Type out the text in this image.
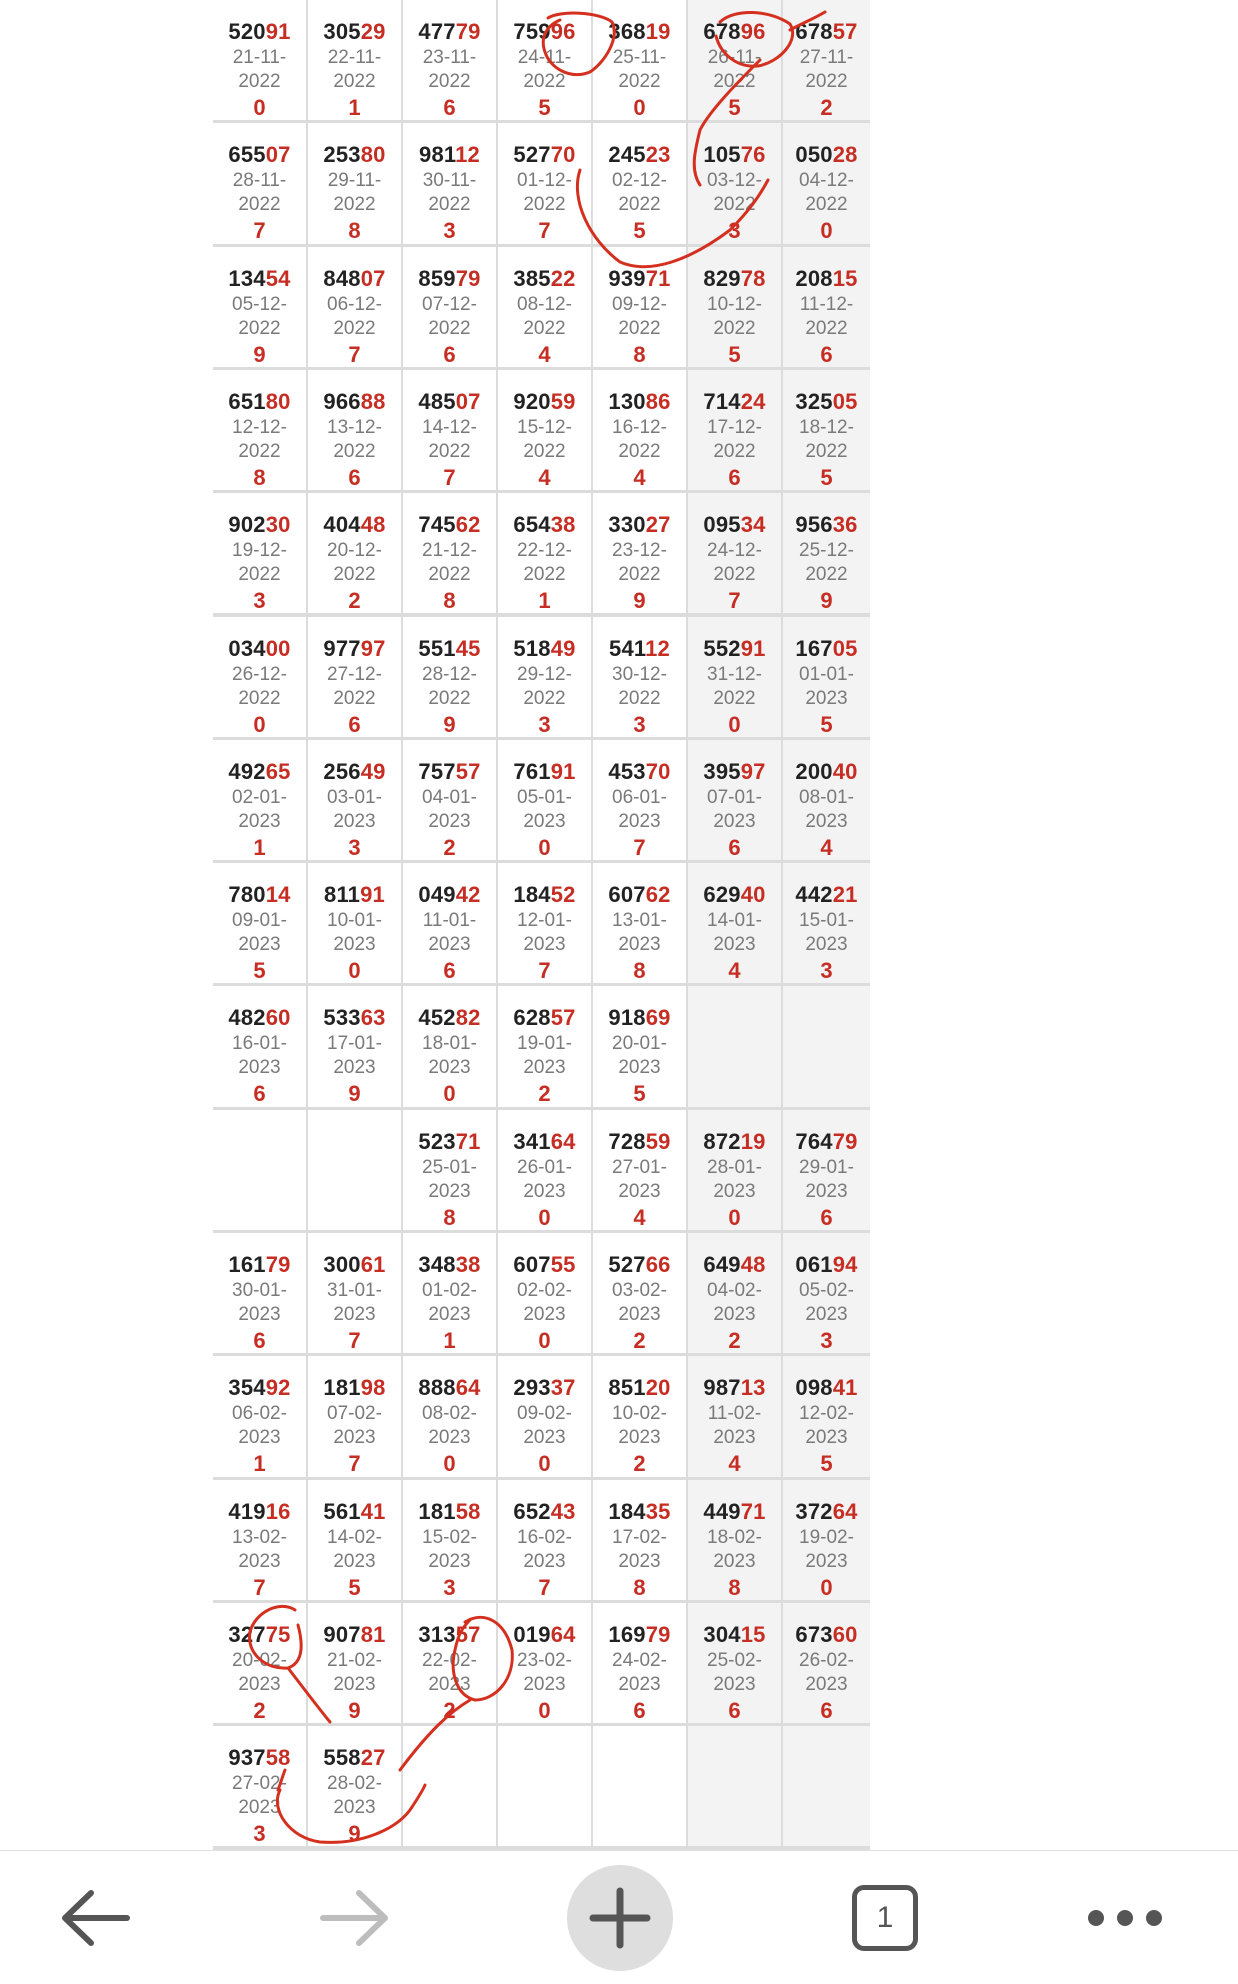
52091
21-11-
2022
0
30529
22-11-
2022
1
47779
23-11-
2022
6
75996
24-11-
2022
5
36819
25-11-
2022
0
67896
26-11-
2022
5
67857
27-11-
2022
2
65507
28-11-
2022
7
25380
29-11-
2022
8
98112
30-11-
2022
3
52770
01-12-
2022
7
24523
02-12-
2022
5
10576
03-12-
2022
3
05028
04-12-
2022
0
13454
05-12-
2022
9
84807
06-12-
2022
7
85979
07-12-
2022
6
38522
08-12-
2022
4
93971
09-12-
2022
8
82978
10-12-
2022
5
20815
11-12-
2022
6
65180
12-12-
2022
8
96688
13-12-
2022
6
48507
14-12-
2022
7
92059
15-12-
2022
4
13086
16-12-
2022
4
71424
17-12-
2022
6
32505
18-12-
2022
5
90230
19-12-
2022
3
40448
20-12-
2022
2
74562
21-12-
2022
8
65438
22-12-
2022
1
33027
23-12-
2022
9
09534
24-12-
2022
7
95636
25-12-
2022
9
03400
26-12-
2022
0
97797
27-12-
2022
6
55145
28-12-
2022
9
51849
29-12-
2022
3
54112
30-12-
2022
3
55291
31-12-
2022
0
16705
01-01-
2023
5
49265
02-01-
2023
1
25649
03-01-
2023
3
75757
04-01-
2023
2
76191
05-01-
2023
0
45370
06-01-
2023
7
39597
07-01-
2023
6
20040
08-01-
2023
4
78014
09-01-
2023
5
81191
10-01-
2023
0
04942
11-01-
2023
6
18452
12-01-
2023
7
60762
13-01-
2023
8
62940
14-01-
2023
4
44221
15-01-
2023
3
48260
16-01-
2023
6
53363
17-01-
2023
9
45282
18-01-
2023
0
62857
19-01-
2023
2
91869
20-01-
2023
5
52371
25-01-
2023
8
34164
26-01-
2023
0
72859
27-01-
2023
4
87219
28-01-
2023
0
76479
29-01-
2023
6
16179
30-01-
2023
6
30061
31-01-
2023
7
34838
01-02-
2023
1
60755
02-02-
2023
0
52766
03-02-
2023
2
64948
04-02-
2023
2
06194
05-02-
2023
3
35492
06-02-
2023
1
18198
07-02-
2023
7
88864
08-02-
2023
0
29337
09-02-
2023
0
85120
10-02-
2023
2
98713
11-02-
2023
4
09841
12-02-
2023
5
41916
13-02-
2023
7
56141
14-02-
2023
5
18158
15-02-
2023
3
65243
16-02-
2023
7
18435
17-02-
2023
8
44971
18-02-
2023
8
37264
19-02-
2023
0
32775
20-02-
2023
2
90781
21-02-
2023
9
31357
22-02-
2023
2
01964
23-02-
2023
0
16979
24-02-
2023
6
30415
25-02-
2023
6
67360
26-02-
2023
6
93758
27-02-
2023
3
55827
28-02-
2023
9
1
